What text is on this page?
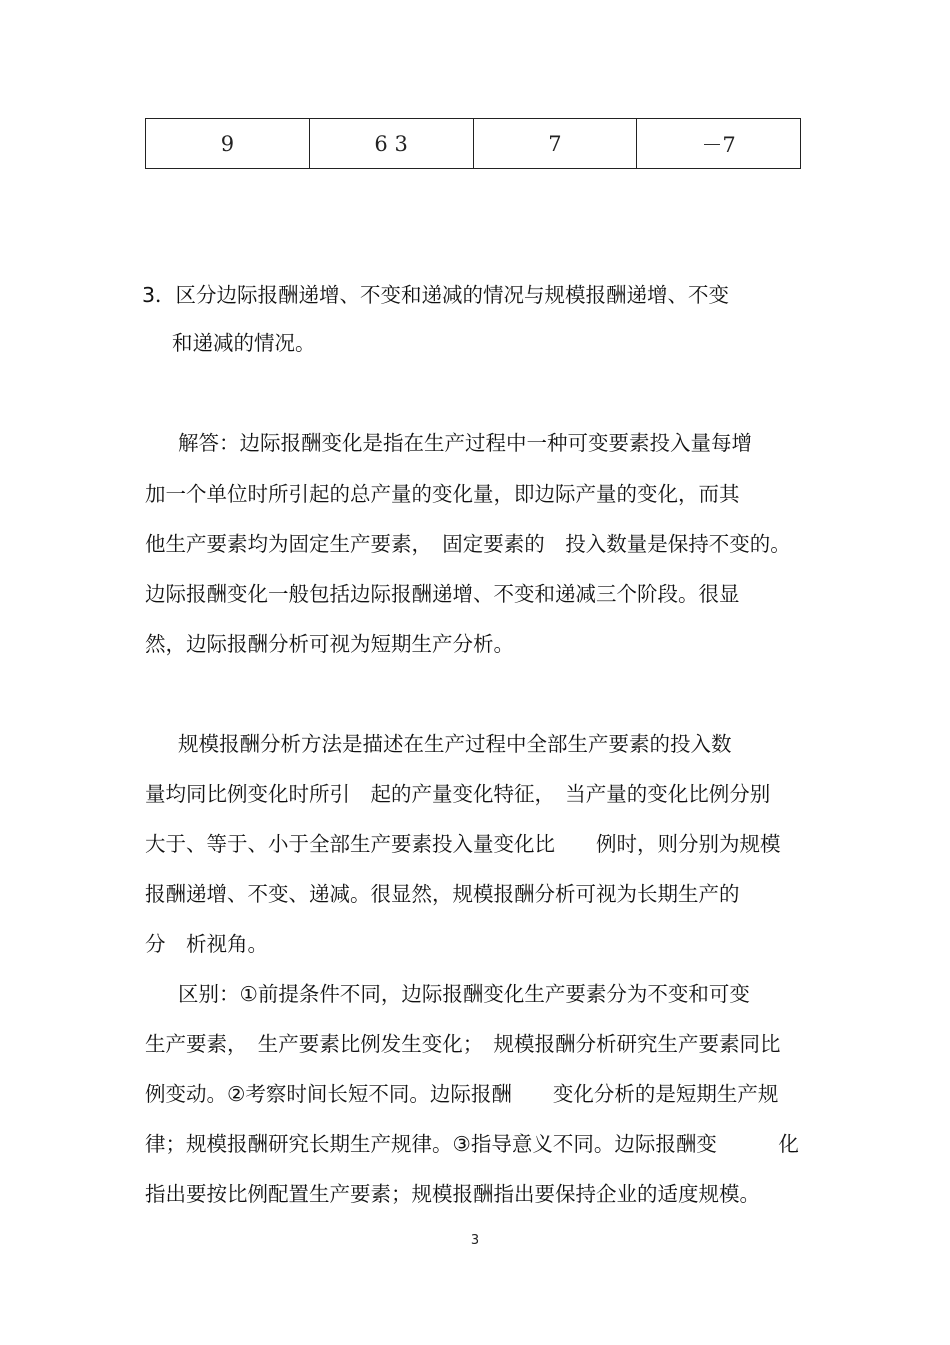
9	6 3	7	－7

3．区分边际报酬递增、不变和递减的情况与规模报酬递增、不变

和递减的情况。

解答：边际报酬变化是指在生产过程中一种可变要素投入量每增

加一个单位时所引起的总产量的变化量，即边际产量的变化，而其

他生产要素均为固定生产要素，　固定要素的　投入数量是保持不变的。

边际报酬变化一般包括边际报酬递增、不变和递减三个阶段。很显

然，边际报酬分析可视为短期生产分析。

规模报酬分析方法是描述在生产过程中全部生产要素的投入数

量均同比例变化时所引　起的产量变化特征，　当产量的变化比例分别

大于、等于、小于全部生产要素投入量变化比　　例时，则分别为规模

报酬递增、不变、递减。很显然，规模报酬分析可视为长期生产的

分　析视角。

区别：①前提条件不同，边际报酬变化生产要素分为不变和可变

生产要素，　生产要素比例发生变化；　规模报酬分析研究生产要素同比

例变动。②考察时间长短不同。边际报酬　　变化分析的是短期生产规

律；规模报酬研究长期生产规律。③指导意义不同。边际报酬变　　　化

指出要按比例配置生产要素；规模报酬指出要保持企业的适度规模。

3
